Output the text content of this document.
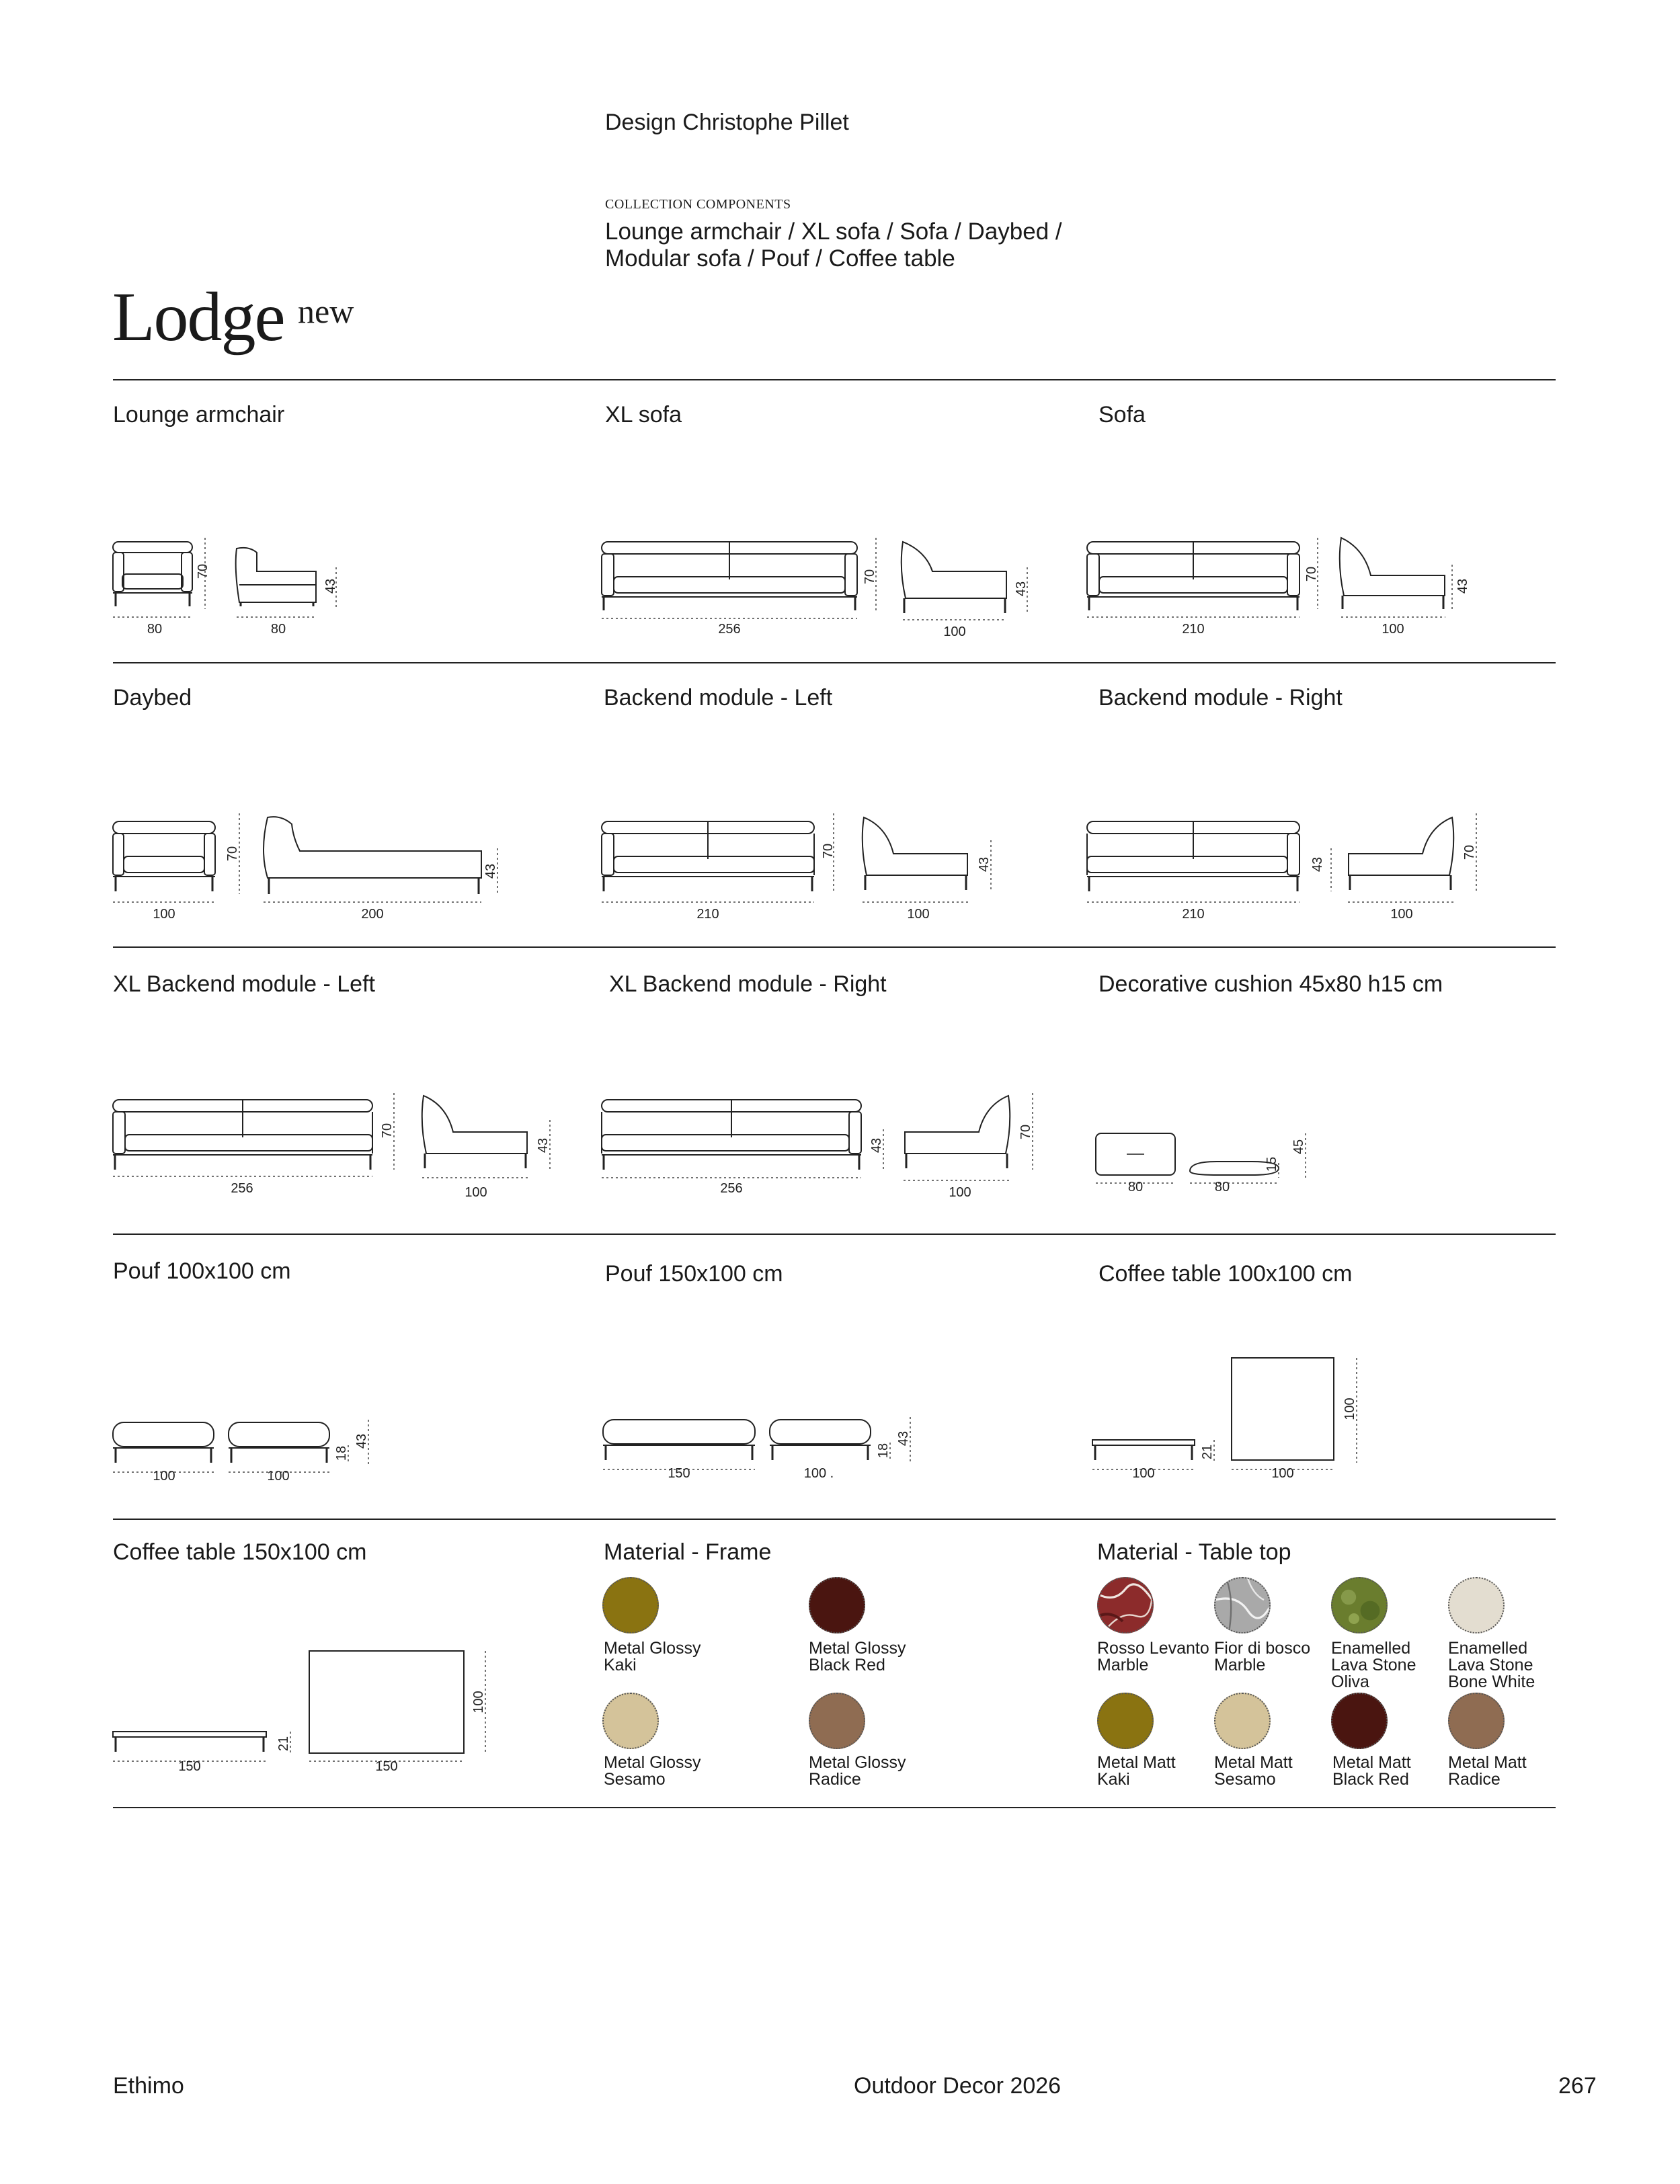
Design Christophe Pillet
COLLECTION COMPONENTS
Lounge armchair / XL sofa / Sofa / Daybed / Modular sofa / Pouf / Coffee table
Lodge new
Lounge armchair	XL sofa	Sofa
Daybed	Backend module - Left	Backend module - Right
XL Backend module - Left	XL Backend module - Right	Decorative cushion 45x80 h15 cm
Pouf 100x100 cm	Pouf 150x100 cm	Coffee table 100x100 cm
Coffee table 150x100 cm	Material - Frame	Material - Table top
80	80
70
43
256	100
70
43
210	100
70
43
100	200
70
43
210	100
70
43
210	100
43
70
256	100
70
43
256	100
43
70
80	80
15
45
100	100
18
43
150	100 .
18
43
100	100
21
100
150	150
21
100
Metal Glossy
Kaki
Metal Glossy
Black Red
Metal Glossy
Sesamo
Metal Glossy
Radice
Rosso Levanto
Marble
Fior di bosco
Marble
Enamelled
Lava Stone
Oliva
Enamelled
Lava Stone
Bone White
Metal Matt
Kaki
Metal Matt
Sesamo
Metal Matt
Black Red
Metal Matt
Radice
Ethimo	Outdoor Decor 2026	267
